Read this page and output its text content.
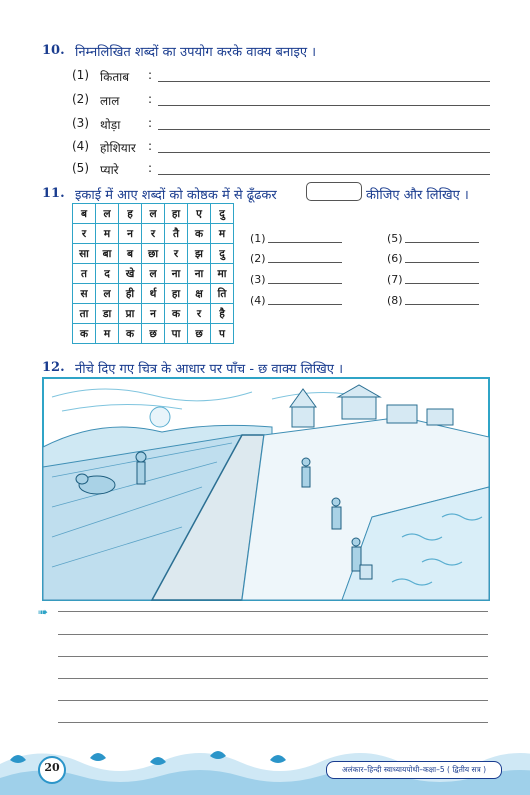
10. निम्नलिखित शब्दों का उपयोग करके वाक्य बनाइए ।
(1) किताब :
(2) लाल :
(3) थोड़ा :
(4) होशियार :
(5) प्यारे :
11. इकाई में आए शब्दों को कोष्ठक में से ढूँढकर	कीजिए और लिखिए ।
ब	ल	ह	ल	हा	ए	दु
र	म	न	र	तै	क	म
सा	बा	ब	छा	र	झ	दु
त	द	खे	ल	ना	ना	मा
स	ल	ही	र्थ	हा	क्ष	ति
ता	डा	प्रा	न	क	र	है
क	म	क	छ	पा	छ	प
(1)
(2)
(3)
(4)
(5)
(6)
(7)
(8)
12. नीचे दिए गए चित्र के आधार पर पाँच - छ वाक्य लिखिए ।
➠
20	अलंकार–हिन्दी स्वाध्यायपोथी–कक्षा–5 ( द्वितीय सत्र )
